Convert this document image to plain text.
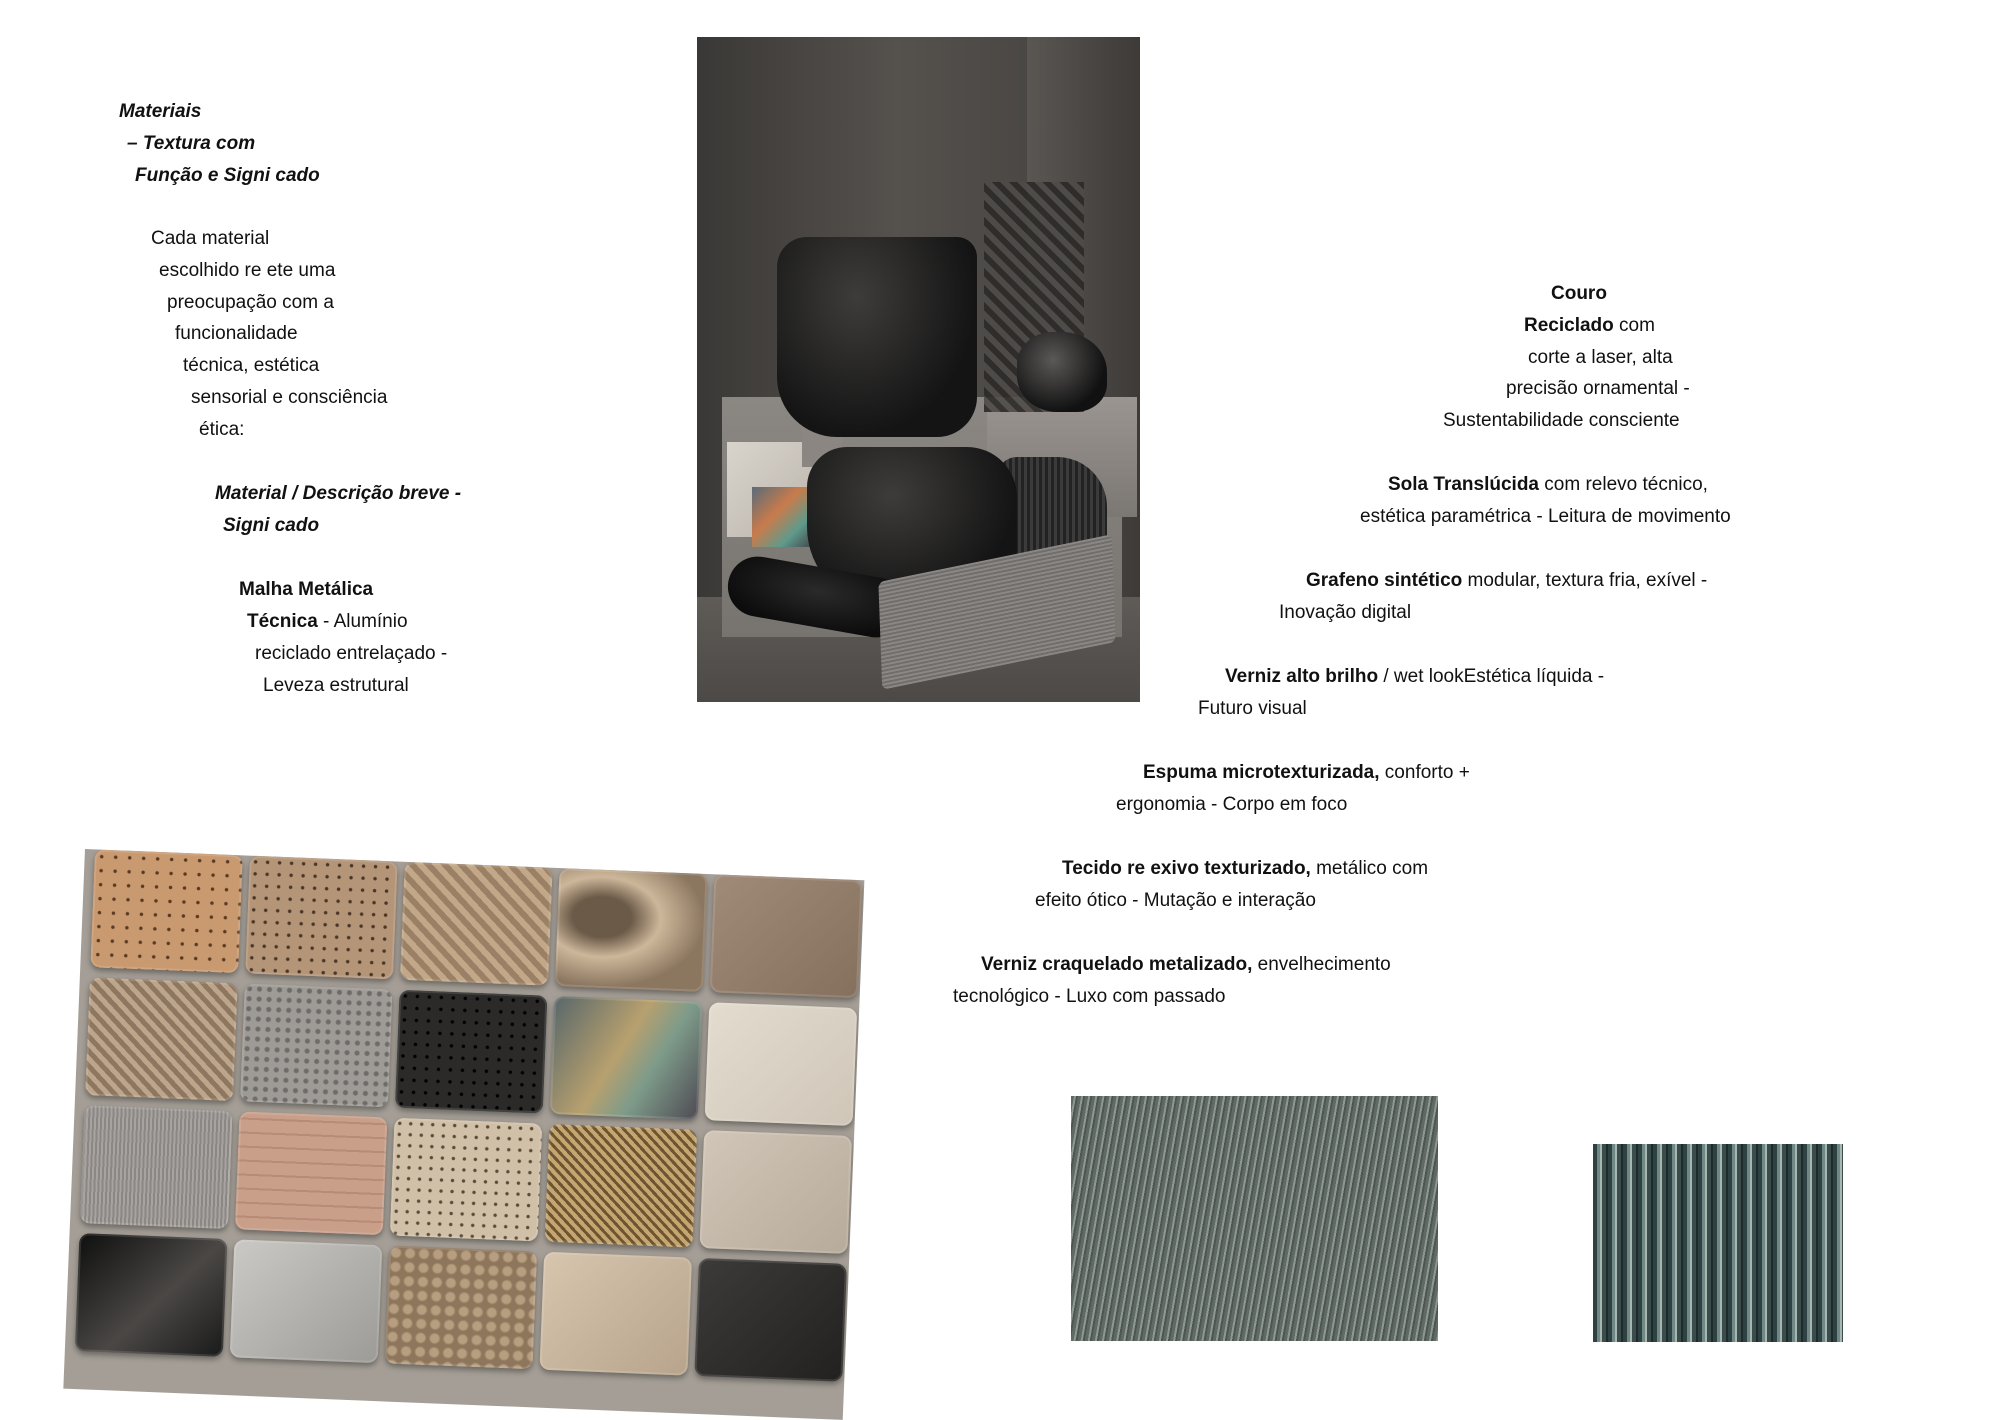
Materiais
– Textura com
Função e Signi cado
Cada material
escolhido re ete uma
preocupação com a
funcionalidade
técnica, estética
sensorial e consciência
ética:
Material / Descrição breve -
Signi cado
Malha Metálica
Técnica - Alumínio
reciclado entrelaçado -
Leveza estrutural
Couro
Reciclado com
corte a laser, alta
precisão ornamental -
Sustentabilidade consciente
Sola Translúcida com relevo técnico,
estética paramétrica - Leitura de movimento
Grafeno sintético modular, textura fria, exível -
Inovação digital
Verniz alto brilho / wet lookEstética líquida -
Futuro visual
Espuma microtexturizada, conforto +
ergonomia - Corpo em foco
Tecido re exivo texturizado, metálico com
efeito ótico - Mutação e interação
Verniz craquelado metalizado, envelhecimento
tecnológico - Luxo com passado
